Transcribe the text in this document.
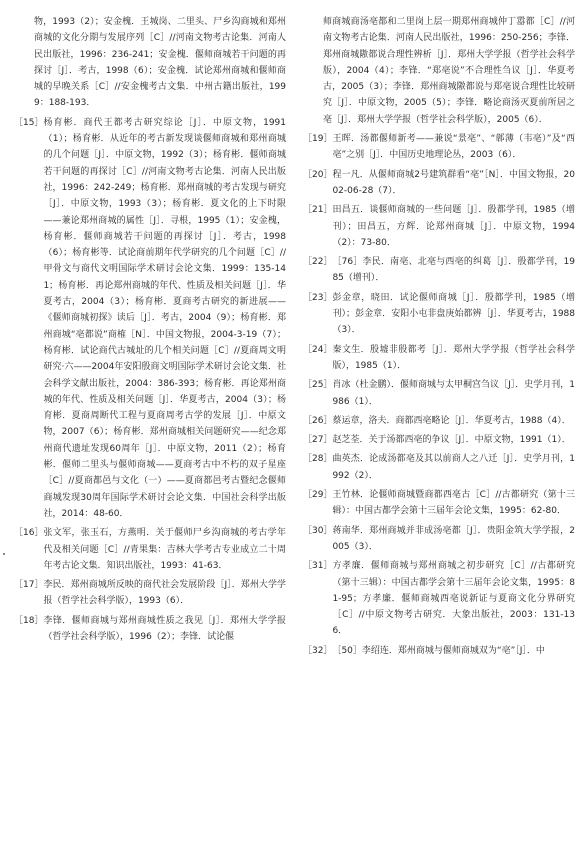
物，1993（2）；安金槐．王城岗、二里头、尸乡沟商城和郑州商城的文化分期与发展序列［C］//河南文物考古论集．河南人民出版社，1996：236-241；安金槐．偃师商城若干问题的再探讨［J］．考古，1998（6）；安金槐．试论郑州商城和偃师商城的早晚关系［C］//安金槐考古文集．中州古籍出版社，1999：188-193．
［15］ 杨育彬．商代王都考古研究综论［J］．中原文物，1991（1）；杨育彬．从近年的考古新发现谈偃师商城和郑州商城的几个问题［J］．中原文物，1992（3）；杨育彬．偃师商城若干问题的再探讨［C］//河南文物考古论集．河南人民出版社，1996：242-249；杨育彬．郑州商城的考古发现与研究［J］．中原文物，1993（3）；杨育彬．夏文化的上下时限——兼论郑州商城的属性［J］．寻根，1995（1）；安金槐，杨育彬．偃师商城若干问题的再探讨［J］．考古，1998（6）；杨育彬等．试论商前期年代学研究的几个问题［C］//甲骨文与商代文明国际学术研讨会论文集．1999：135-141；杨育彬．再论郑州商城的年代、性质及相关问题［J］．华夏考古，2004（3）；杨育彬．夏商考古研究的新进展——《偃师商城初探》读后［J］．考古，2004（9）；杨育彬．郑州商城“亳都说”商榷［N］．中国文物报，2004-3-19（7）；杨育彬．试论商代古城址的几个相关问题［C］//夏商周文明研究·六——2004年安阳殷商文明国际学术研讨会论文集．社会科学文献出版社，2004：386-393；杨育彬．再论郑州商城的年代、性质及相关问题［J］．华夏考古，2004（3）；杨育彬．夏商周断代工程与夏商周考古学的发展［J］．中原文物，2007（6）；杨育彬．郑州商城相关问题研究——纪念郑州商代遗址发现60周年［J］．中原文物，2011（2）；杨育彬．偃师二里头与偃师商城——夏商考古中不朽的双子星座［C］//夏商都邑与文化（一）——夏商都邑考古暨纪念偃师商城发现30周年国际学术研讨会论文集．中国社会科学出版社，2014：48-60．
［16］ 张文军，张玉石，方燕明．关于偃师尸乡沟商城的考古学年代及相关问题［C］//青果集：吉林大学考古专业成立二十周年考古论文集．知识出版社，1993：41-63．
［17］ 李民．郑州商城所反映的商代社会发展阶段［J］．郑州大学学报（哲学社会科学版），1993（6）．
［18］ 李锋．偃师商城与郑州商城性质之我见［J］．郑州大学学报（哲学社会科学版），1996（2）；李锋．试论偃
师商城商汤亳都和二里岗上层一期郑州商城仲丁嚣都［C］//河南文物考古论集．河南人民出版社，1996：250-256；李锋．郑州商城隞都说合理性辨析［J］．郑州大学学报（哲学社会科学版），2004（4）；李锋．“郑亳说”不合理性刍议［J］．华夏考古，2005（3）；李锋．郑州商城隞都说与郑亳说合理性比较研究［J］．中原文物，2005（5）；李锋．略论商汤灭夏前所居之亳［J］．郑州大学学报（哲学社会科学版），2005（6）．
［19］ 王晖．汤都偃师新考——兼说“景亳”、“郼薄（韦亳）”及“西亳”之别［J］．中国历史地理论丛，2003（6）．
［20］ 程一凡．从偃师商城2号建筑群看“亳”［N］．中国文物报，2002-06-28（7）．
［21］ 田昌五．谈偃师商城的一些问题［J］．殷都学刊，1985（增刊）；田昌五，方辉．论郑州商城［J］．中原文物，1994（2）：73-80．
［22］ ［76］李民．南亳、北亳与西亳的纠葛［J］．殷都学刊，1985（增刊）．
［23］ 彭金章，晓田．试论偃师商城［J］．殷都学刊，1985（增刊）；彭金章．安阳小屯非盘庚始都辨［J］．华夏考古，1988（3）．
［24］ 秦文生．殷墟非殷都考［J］．郑州大学学报（哲学社会科学版），1985（1）．
［25］ 肖冰（杜金鹏）．偃师商城与太甲桐宫刍议［J］．史学月刊，1986（1）．
［26］ 蔡运章，洛夫．商都西亳略论［J］．华夏考古，1988（4）．
［27］ 赵芝荃．关于汤都西亳的争议［J］．中原文物，1991（1）．
［28］ 曲英杰．论成汤都亳及其以前商人之八迁［J］．史学月刊，1992（2）．
［29］ 王竹林．论偃师商城暨商都西亳古［C］//古都研究（第十三辑）：中国古都学会第十三届年会论文集，1995：62-80．
［30］ 蒋南华．郑州商城并非成汤亳都［J］．贵阳金筑大学学报，2005（3）．
［31］ 方孝廉．偃师商城与郑州商城之初步研究［C］//古都研究（第十三辑）：中国古都学会第十三届年会论文集，1995：81-95；方孝廉．偃师商城西亳说新证与夏商文化分界研究［C］//中原文物考古研究．大象出版社，2003：131-136．
［32］ ［50］李绍连．郑州商城与偃师商城双为“亳”［J］．中
